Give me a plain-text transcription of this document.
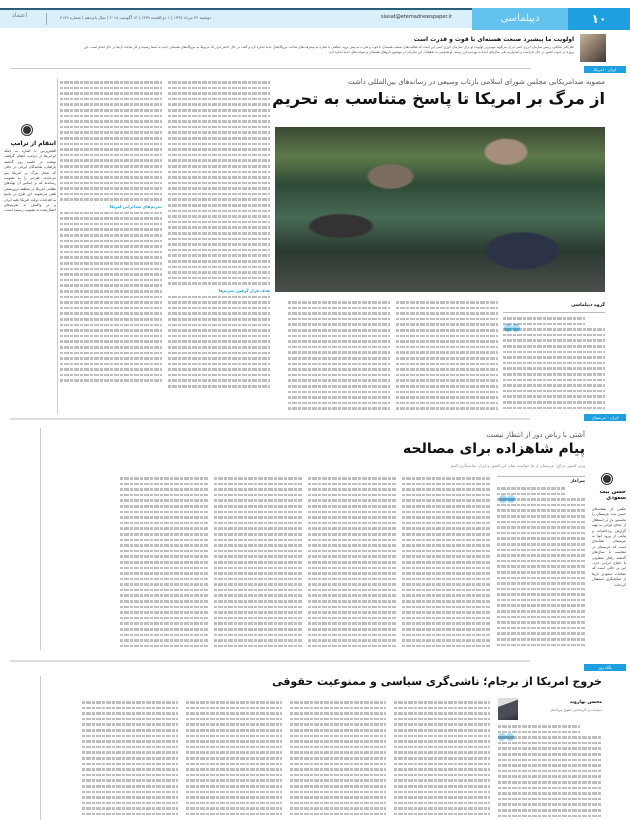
۱۰
دیپلماسی
siasat@etemadnewspaper.ir
دوشنبه ۲۲ مرداد ۱۳۹۷ | ۱ ذی‌القعده ۱۴۳۹ | ۱۳ آگوست ۲۰۱۸ | سال پانزدهم | شماره ۴۱۷۹
اعتماد
اولویت ما پیشبرد صنعت هسته‌ای با قوت و قدرت است
علی‌اکبر صالحی، رییس سازمان انرژی اتمی ایران می‌گوید مهم‌ترین اولویت او برای سازمان انرژی اتمی این است که فعالیت‌های صنعت هسته‌ای با قوت و قدرت به پیش برود. صالحی با اشاره به پیشرفت‌های ساخت نیروگاه‌های جدید اشاره کرد و گفت در حال حاضر قرار داد مربوط به نیروگاه‌های هسته‌ای جدید به امضا رسیده و کار ساخت آن‌ها در حال انجام است. این پروژه در جنوب کشور در حال اجراست و امیدواریم طی سال‌های آینده به بهره‌برداری برسد. او همچنین به تحقیقات این سازمان در موضوع داروهای هسته‌ای و سوخت‌های جدید اشاره کرد.
ایران - امریکا
مصوبه ضدامریکایی مجلس شورای اسلامی بازتاب وسیعی در رسانه‌های بین‌المللی داشت
از مرگ بر امریکا تا پاسخ متناسب به تحریم
گروه دیپلماسی
هدف قرار گرفتن تحریم‌ها
تحریم‌های ضدایرانی امریکا
انتقام از ترامپ
الفجرپرس با اشاره به اینکه ایرانی‌ها از ترامپ انتقام گرفتند، نوشت در جلسه روز گذشته پارلمان، نمایندگان ایرانی در حالی که شعار مرگ بر امریکا سر می‌دادند، طرحی را به تصویب رساندند که بر اساس آن نهادهای نظامی امریکا در منطقه تروریستی تلقی می‌شوند. این طرح در پاسخ به اقدامات دولت امریکا علیه ایران و در واکنش به تحریم‌های اعمال‌شده به تصویب رسیده است.
ایران - عربستان
آشتی با ریاض دور از انتظار نیست
پیام شاهزاده برای مصالحه
وزیر کشور عراق: عربستان از ما خواست میان این کشور و ایران میانجیگری کنیم
سرآغاز
حسن بیت سعودی
عکس از نشانه‌های حسن نیت عربستان را نخستین بار در استقلال از حجاج ایرانی به تهیه گزارش پرداخته‌اند و پیامی از ورود آنها به عربستان نشانه‌ای است که عربستان در مقایسه با سال‌های گذشته رفتار متفاوتی با حجاج ایرانی دارد. این در حالی است که مقامات سعودی بارها از میانجیگری استقبال کرده‌اند.
نگاه روز
خروج امریکا از برجام؛ ناشی‌گری سیاسی و ممنوعیت حقوقی
محسن بهاروند
دیپلمات و کارشناس حقوق بین‌الملل
